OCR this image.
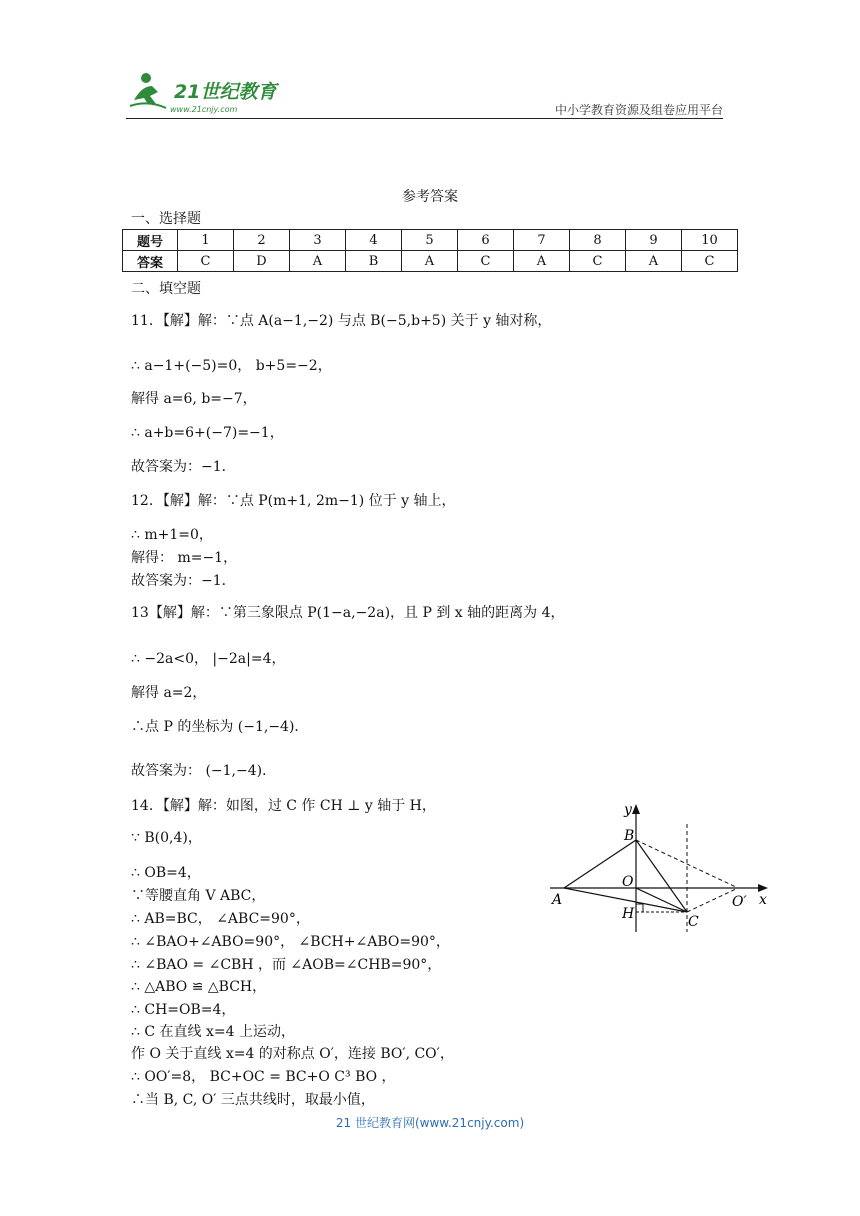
21世纪教育
www.21cnjy.com	中小学教育资源及组卷应用平台
参考答案
一、选择题
题号	1	2	3	4	5	6	7	8	9	10
答案	C	D	A	B	A	C	A	C	A	C
二、填空题
11．【解】解：∵点 A(a−1,−2) 与点 B(−5,b+5) 关于 y 轴对称，
∴ a−1+(−5)=0， b+5=−2，
解得 a=6, b=−7，
∴ a+b=6+(−7)=−1，
故答案为：−1．
12．【解】解：∵点 P(m+1, 2m−1) 位于 y 轴上，
∴ m+1=0，
解得： m=−1，
故答案为：−1．
13【解】解：∵第三象限点 P(1−a,−2a)，且 P 到 x 轴的距离为 4，
∴ −2a<0， |−2a|=4，
解得 a=2，
∴点 P 的坐标为 (−1,−4)．
故答案为： (−1,−4)．
14．【解】解：如图，过 C 作 CH ⊥ y 轴于 H，
∵ B(0,4)，
∴ OB=4，
∵等腰直角 V ABC，
∴ AB=BC， ∠ABC=90°，
∴ ∠BAO+∠ABO=90°， ∠BCH+∠ABO=90°，
∴ ∠BAO = ∠CBH ，而 ∠AOB=∠CHB=90°，
∴ △ABO ≌ △BCH，
∴ CH=OB=4，
∴ C 在直线 x=4 上运动，
作 O 关于直线 x=4 的对称点 O′，连接 BO′, CO′，
∴ OO′=8， BC+OC = BC+O C³ BO ，
∴当 B, C, O′ 三点共线时，取最小值，
y
x
B
O
A
H	C
O′
21 世纪教育网(www.21cnjy.com)
